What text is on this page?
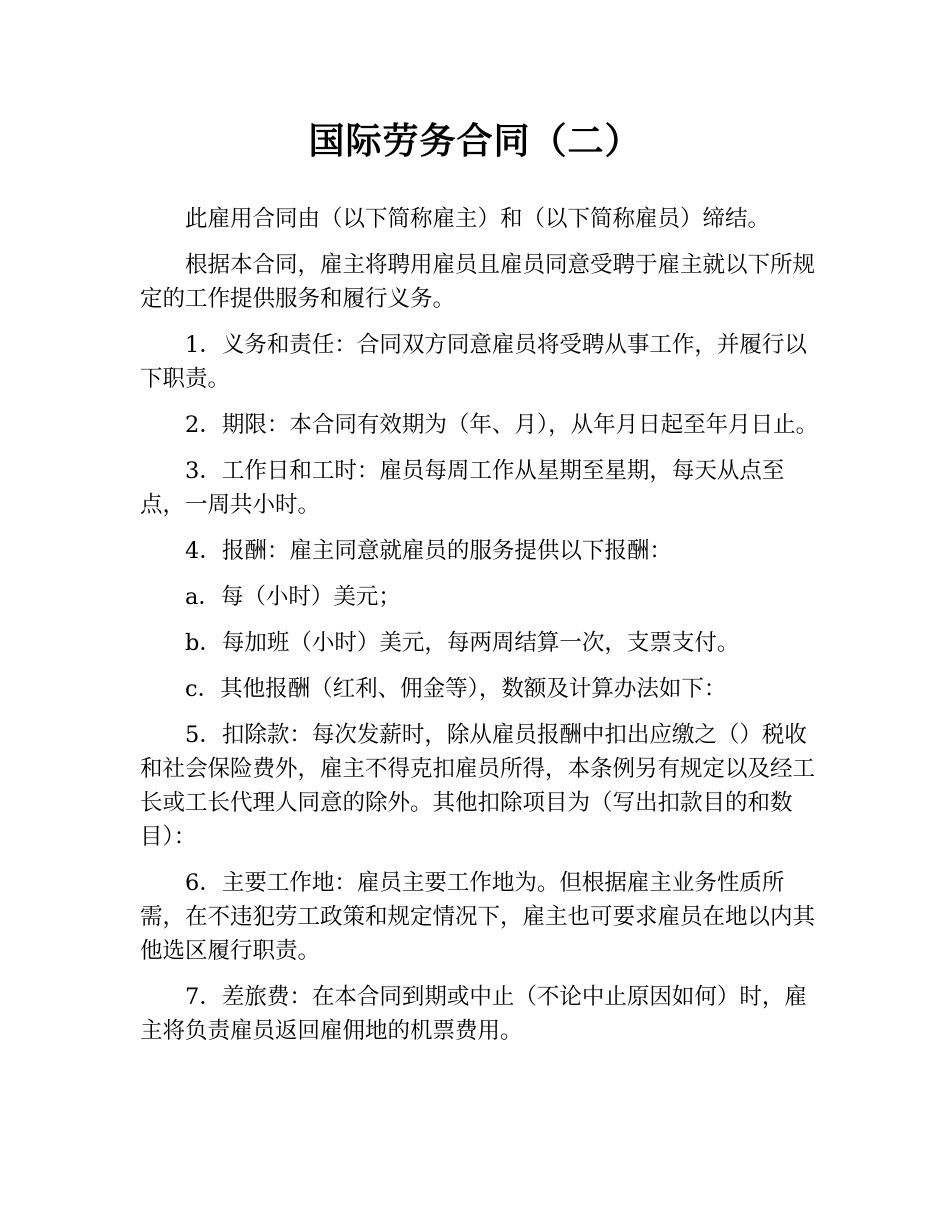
国际劳务合同（二）

此雇用合同由（以下简称雇主）和（以下简称雇员）缔结。

根据本合同，雇主将聘用雇员且雇员同意受聘于雇主就以下所规定的工作提供服务和履行义务。

1．义务和责任：合同双方同意雇员将受聘从事工作，并履行以下职责。

2．期限：本合同有效期为（年、月），从年月日起至年月日止。

3．工作日和工时：雇员每周工作从星期至星期，每天从点至点，一周共小时。

4．报酬：雇主同意就雇员的服务提供以下报酬：

a．每（小时）美元；

b．每加班（小时）美元，每两周结算一次，支票支付。

c．其他报酬（红利、佣金等），数额及计算办法如下：

5．扣除款：每次发薪时，除从雇员报酬中扣出应缴之（）税收和社会保险费外，雇主不得克扣雇员所得，本条例另有规定以及经工长或工长代理人同意的除外。其他扣除项目为（写出扣款目的和数目）：

6．主要工作地：雇员主要工作地为。但根据雇主业务性质所需，在不违犯劳工政策和规定情况下，雇主也可要求雇员在地以内其他选区履行职责。

7．差旅费：在本合同到期或中止（不论中止原因如何）时，雇主将负责雇员返回雇佣地的机票费用。
